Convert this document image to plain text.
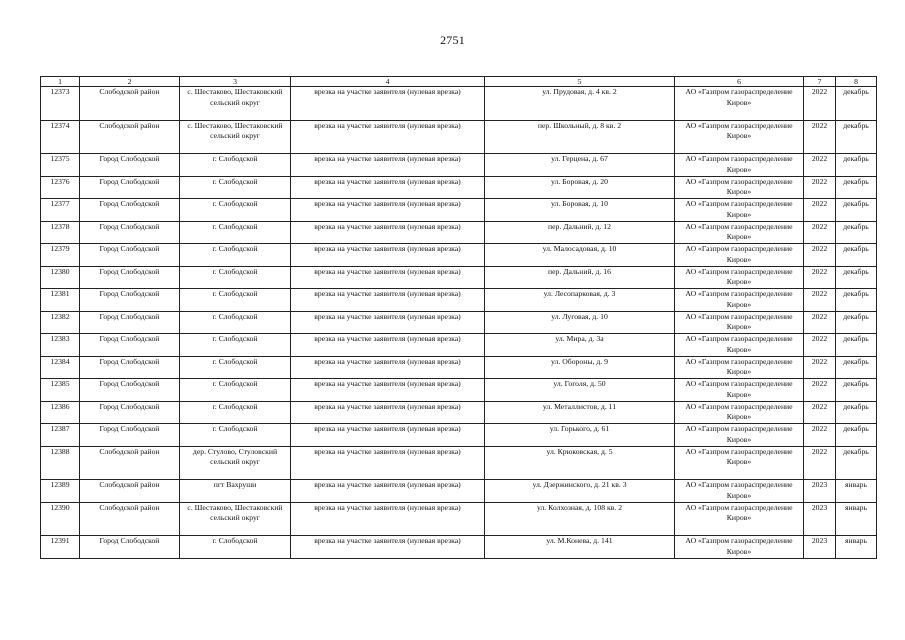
2751
1	2	3	4	5	6	7	8
12373	Слободской район	с. Шестаково, Шестаковский сельский округ	врезка на участке заявителя (нулевая врезка)	ул. Прудовая, д. 4 кв. 2	АО «Газпром газораспределение Киров»	2022	декабрь
12374	Слободской район	с. Шестаково, Шестаковский сельский округ	врезка на участке заявителя (нулевая врезка)	пер. Школьный, д. 8 кв. 2	АО «Газпром газораспределение Киров»	2022	декабрь
12375	Город Слободской	г. Слободской	врезка на участке заявителя (нулевая врезка)	ул. Герцена, д. 67	АО «Газпром газораспределение Киров»	2022	декабрь
12376	Город Слободской	г. Слободской	врезка на участке заявителя (нулевая врезка)	ул. Боровая, д. 20	АО «Газпром газораспределение Киров»	2022	декабрь
12377	Город Слободской	г. Слободской	врезка на участке заявителя (нулевая врезка)	ул. Боровая, д. 10	АО «Газпром газораспределение Киров»	2022	декабрь
12378	Город Слободской	г. Слободской	врезка на участке заявителя (нулевая врезка)	пер. Дальний, д. 12	АО «Газпром газораспределение Киров»	2022	декабрь
12379	Город Слободской	г. Слободской	врезка на участке заявителя (нулевая врезка)	ул. Малосадовая, д. 10	АО «Газпром газораспределение Киров»	2022	декабрь
12380	Город Слободской	г. Слободской	врезка на участке заявителя (нулевая врезка)	пер. Дальний, д. 16	АО «Газпром газораспределение Киров»	2022	декабрь
12381	Город Слободской	г. Слободской	врезка на участке заявителя (нулевая врезка)	ул. Лесопарковая, д. 3	АО «Газпром газораспределение Киров»	2022	декабрь
12382	Город Слободской	г. Слободской	врезка на участке заявителя (нулевая врезка)	ул. Луговая, д. 10	АО «Газпром газораспределение Киров»	2022	декабрь
12383	Город Слободской	г. Слободской	врезка на участке заявителя (нулевая врезка)	ул. Мира, д. 3а	АО «Газпром газораспределение Киров»	2022	декабрь
12384	Город Слободской	г. Слободской	врезка на участке заявителя (нулевая врезка)	ул. Обороны, д. 9	АО «Газпром газораспределение Киров»	2022	декабрь
12385	Город Слободской	г. Слободской	врезка на участке заявителя (нулевая врезка)	ул. Гоголя, д. 50	АО «Газпром газораспределение Киров»	2022	декабрь
12386	Город Слободской	г. Слободской	врезка на участке заявителя (нулевая врезка)	ул. Металлистов, д. 11	АО «Газпром газораспределение Киров»	2022	декабрь
12387	Город Слободской	г. Слободской	врезка на участке заявителя (нулевая врезка)	ул. Горького, д. 61	АО «Газпром газораспределение Киров»	2022	декабрь
12388	Слободской район	дер. Стулово, Стуловский сельский округ	врезка на участке заявителя (нулевая врезка)	ул. Крюковская, д. 5	АО «Газпром газораспределение Киров»	2022	декабрь
12389	Слободской район	пгт Вахруши	врезка на участке заявителя (нулевая врезка)	ул. Дзержинского, д. 21 кв. 3	АО «Газпром газораспределение Киров»	2023	январь
12390	Слободской район	с. Шестаково, Шестаковский сельский округ	врезка на участке заявителя (нулевая врезка)	ул. Колхозная, д. 108 кв. 2	АО «Газпром газораспределение Киров»	2023	январь
12391	Город Слободской	г. Слободской	врезка на участке заявителя (нулевая врезка)	ул. М.Конева, д. 141	АО «Газпром газораспределение Киров»	2023	январь
